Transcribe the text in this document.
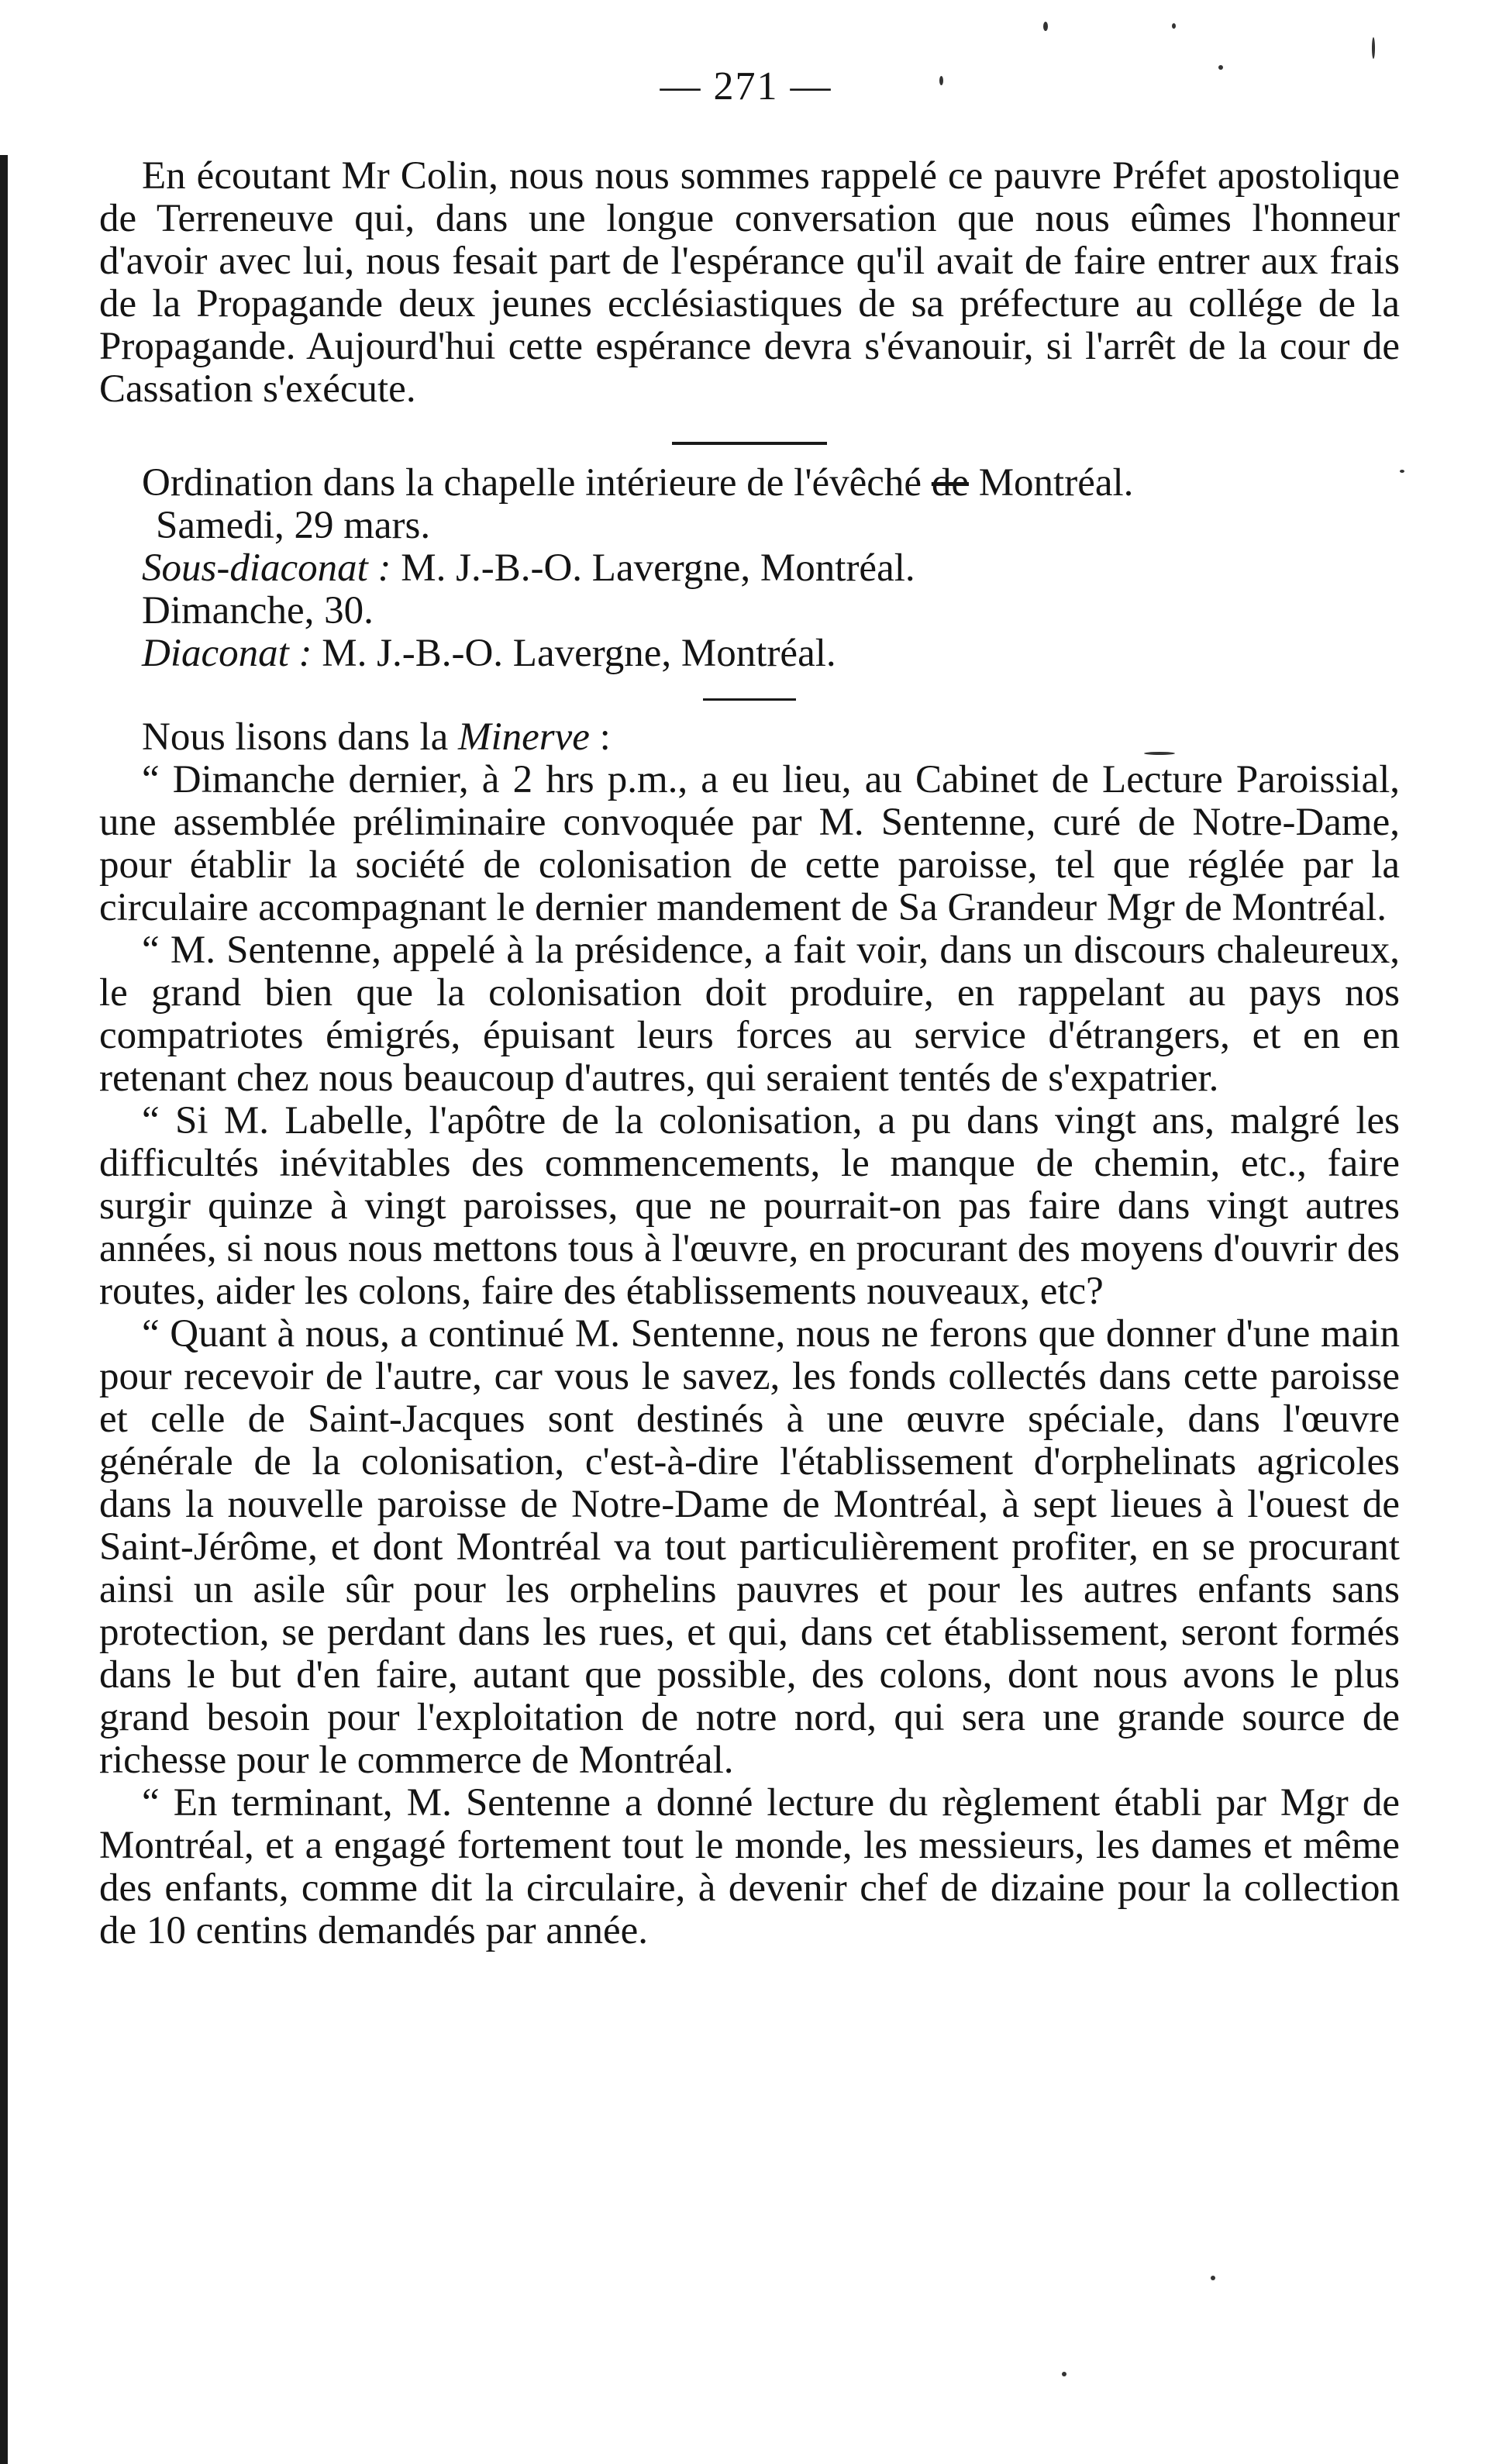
— 271 —

En écoutant Mr Colin, nous nous sommes rappelé ce pauvre Préfet apostolique de Terreneuve qui, dans une longue conversation que nous eûmes l'honneur d'avoir avec lui, nous fesait part de l'espérance qu'il avait de faire entrer aux frais de la Propagande deux jeunes ecclésiastiques de sa préfecture au collége de la Propagande. Aujourd'hui cette espérance devra s'évanouir, si l'arrêt de la cour de Cassation s'exécute.

Ordination dans la chapelle intérieure de l'évêché de Montréal.
Samedi, 29 mars.
Sous-diaconat : M. J.-B.-O. Lavergne, Montréal.
Dimanche, 30.
Diaconat : M. J.-B.-O. Lavergne, Montréal.

Nous lisons dans la Minerve :

“ Dimanche dernier, à 2 hrs p.m., a eu lieu, au Cabinet de Lecture Paroissial, une assemblée préliminaire convoquée par M. Sentenne, curé de Notre-Dame, pour établir la société de colonisation de cette paroisse, tel que réglée par la circulaire accompagnant le dernier mandement de Sa Grandeur Mgr de Montréal.

“ M. Sentenne, appelé à la présidence, a fait voir, dans un discours chaleureux, le grand bien que la colonisation doit produire, en rappelant au pays nos compatriotes émigrés, épuisant leurs forces au service d'étrangers, et en en retenant chez nous beaucoup d'autres, qui seraient tentés de s'expatrier.

“ Si M. Labelle, l'apôtre de la colonisation, a pu dans vingt ans, malgré les difficultés inévitables des commencements, le manque de chemin, etc., faire surgir quinze à vingt paroisses, que ne pourrait-on pas faire dans vingt autres années, si nous nous mettons tous à l'œuvre, en procurant des moyens d'ouvrir des routes, aider les colons, faire des établissements nouveaux, etc?

“ Quant à nous, a continué M. Sentenne, nous ne ferons que donner d'une main pour recevoir de l'autre, car vous le savez, les fonds collectés dans cette paroisse et celle de Saint-Jacques sont destinés à une œuvre spéciale, dans l'œuvre générale de la colonisation, c'est-à-dire l'établissement d'orphelinats agricoles dans la nouvelle paroisse de Notre-Dame de Montréal, à sept lieues à l'ouest de Saint-Jérôme, et dont Montréal va tout particulièrement profiter, en se procurant ainsi un asile sûr pour les orphelins pauvres et pour les autres enfants sans protection, se perdant dans les rues, et qui, dans cet établissement, seront formés dans le but d'en faire, autant que possible, des colons, dont nous avons le plus grand besoin pour l'exploitation de notre nord, qui sera une grande source de richesse pour le commerce de Montréal.

“ En terminant, M. Sentenne a donné lecture du règlement établi par Mgr de Montréal, et a engagé fortement tout le monde, les messieurs, les dames et même des enfants, comme dit la circulaire, à devenir chef de dizaine pour la collection de 10 centins demandés par année.
